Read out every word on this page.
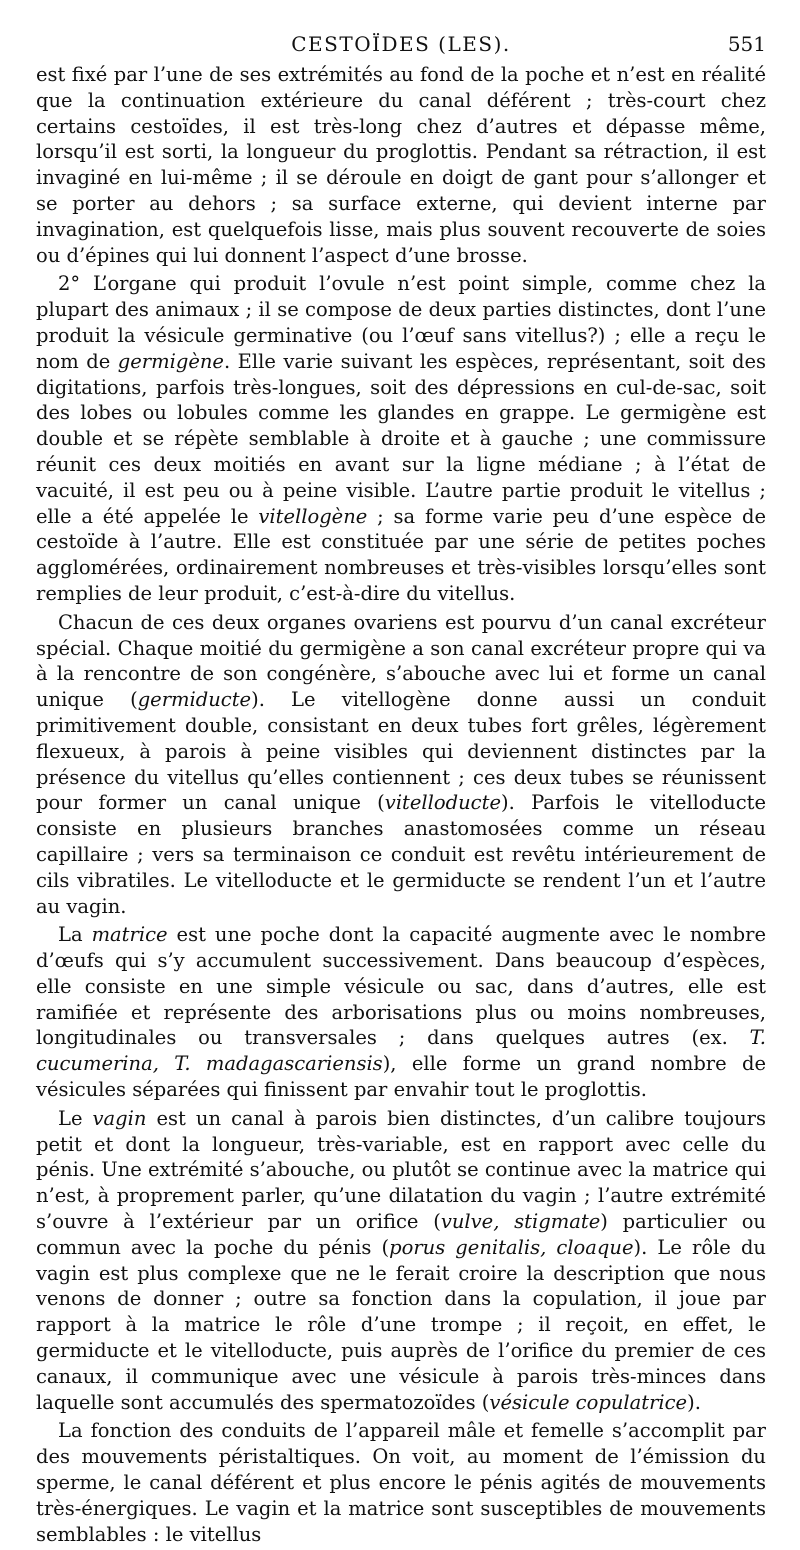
CESTOÏDES (LES).	551

est fixé par l’une de ses extrémités au fond de la poche et n’est en réalité que la continuation extérieure du canal déférent ; très-court chez certains cestoïdes, il est très-long chez d’autres et dépasse même, lorsqu’il est sorti, la longueur du proglottis. Pendant sa rétraction, il est invaginé en lui-même ; il se déroule en doigt de gant pour s’allonger et se porter au dehors ; sa surface externe, qui devient interne par invagination, est quelquefois lisse, mais plus souvent recouverte de soies ou d’épines qui lui donnent l’aspect d’une brosse.

2° L’organe qui produit l’ovule n’est point simple, comme chez la plupart des animaux ; il se compose de deux parties distinctes, dont l’une produit la vésicule germinative (ou l’œuf sans vitellus?) ; elle a reçu le nom de germigène. Elle varie suivant les espèces, représentant, soit des digitations, parfois très-longues, soit des dépressions en cul-de-sac, soit des lobes ou lobules comme les glandes en grappe. Le germigène est double et se répète semblable à droite et à gauche ; une commissure réunit ces deux moitiés en avant sur la ligne médiane ; à l’état de vacuité, il est peu ou à peine visible. L’autre partie produit le vitellus ; elle a été appelée le vitellogène ; sa forme varie peu d’une espèce de cestoïde à l’autre. Elle est constituée par une série de petites poches agglomérées, ordinairement nombreuses et très-visibles lorsqu’elles sont remplies de leur produit, c’est-à-dire du vitellus.

Chacun de ces deux organes ovariens est pourvu d’un canal excréteur spécial. Chaque moitié du germigène a son canal excréteur propre qui va à la rencontre de son congénère, s’abouche avec lui et forme un canal unique (germiducte). Le vitellogène donne aussi un conduit primitivement double, consistant en deux tubes fort grêles, légèrement flexueux, à parois à peine visibles qui deviennent distinctes par la présence du vitellus qu’elles contiennent ; ces deux tubes se réunissent pour former un canal unique (vitelloducte). Parfois le vitelloducte consiste en plusieurs branches anastomosées comme un réseau capillaire ; vers sa terminaison ce conduit est revêtu intérieurement de cils vibratiles. Le vitelloducte et le germiducte se rendent l’un et l’autre au vagin.

La matrice est une poche dont la capacité augmente avec le nombre d’œufs qui s’y accumulent successivement. Dans beaucoup d’espèces, elle consiste en une simple vésicule ou sac, dans d’autres, elle est ramifiée et représente des arborisations plus ou moins nombreuses, longitudinales ou transversales ; dans quelques autres (ex. T. cucumerina, T. madagascariensis), elle forme un grand nombre de vésicules séparées qui finissent par envahir tout le proglottis.

Le vagin est un canal à parois bien distinctes, d’un calibre toujours petit et dont la longueur, très-variable, est en rapport avec celle du pénis. Une extrémité s’abouche, ou plutôt se continue avec la matrice qui n’est, à proprement parler, qu’une dilatation du vagin ; l’autre extrémité s’ouvre à l’extérieur par un orifice (vulve, stigmate) particulier ou commun avec la poche du pénis (porus genitalis, cloaque). Le rôle du vagin est plus complexe que ne le ferait croire la description que nous venons de donner ; outre sa fonction dans la copulation, il joue par rapport à la matrice le rôle d’une trompe ; il reçoit, en effet, le germiducte et le vitelloducte, puis auprès de l’orifice du premier de ces canaux, il communique avec une vésicule à parois très-minces dans laquelle sont accumulés des spermatozoïdes (vésicule copulatrice).

La fonction des conduits de l’appareil mâle et femelle s’accomplit par des mouvements péristaltiques. On voit, au moment de l’émission du sperme, le canal déférent et plus encore le pénis agités de mouvements très-énergiques. Le vagin et la matrice sont susceptibles de mouvements semblables : le vitellus
